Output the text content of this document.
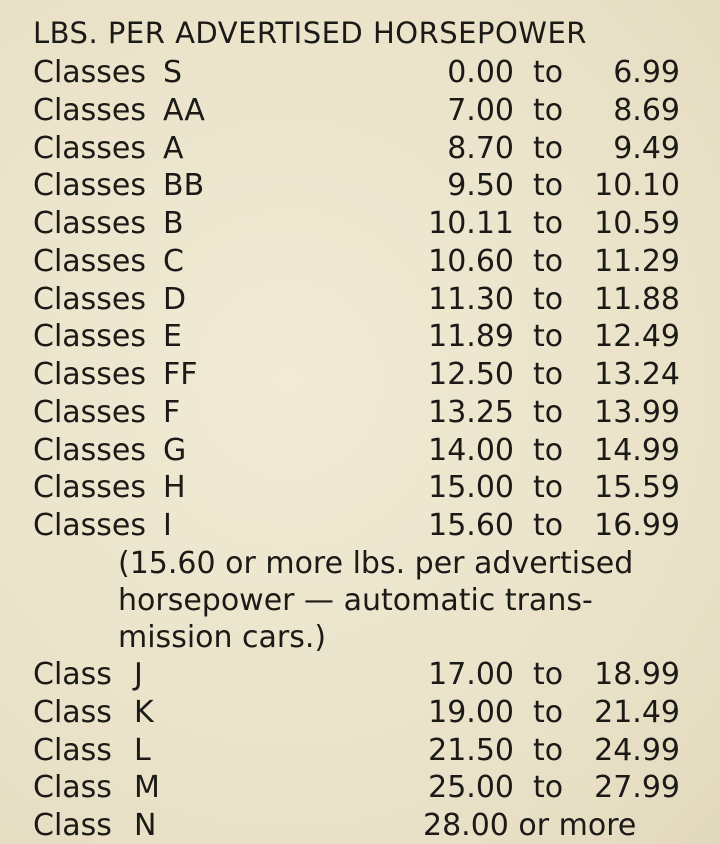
LBS. PER ADVERTISED HORSEPOWER
Classes S	0.00 to 6.99
Classes AA	7.00 to 8.69
Classes A	8.70 to 9.49
Classes BB	9.50 to 10.10
Classes B	10.11 to 10.59
Classes C	10.60 to 11.29
Classes D	11.30 to 11.88
Classes E	11.89 to 12.49
Classes FF	12.50 to 13.24
Classes F	13.25 to 13.99
Classes G	14.00 to 14.99
Classes H	15.00 to 15.59
Classes I	15.60 to 16.99
(15.60 or more lbs. per advertised
horsepower — automatic trans-
mission cars.)
Class J	17.00 to 18.99
Class K	19.00 to 21.49
Class L	21.50 to 24.99
Class M	25.00 to 27.99
Class N	28.00 or more
